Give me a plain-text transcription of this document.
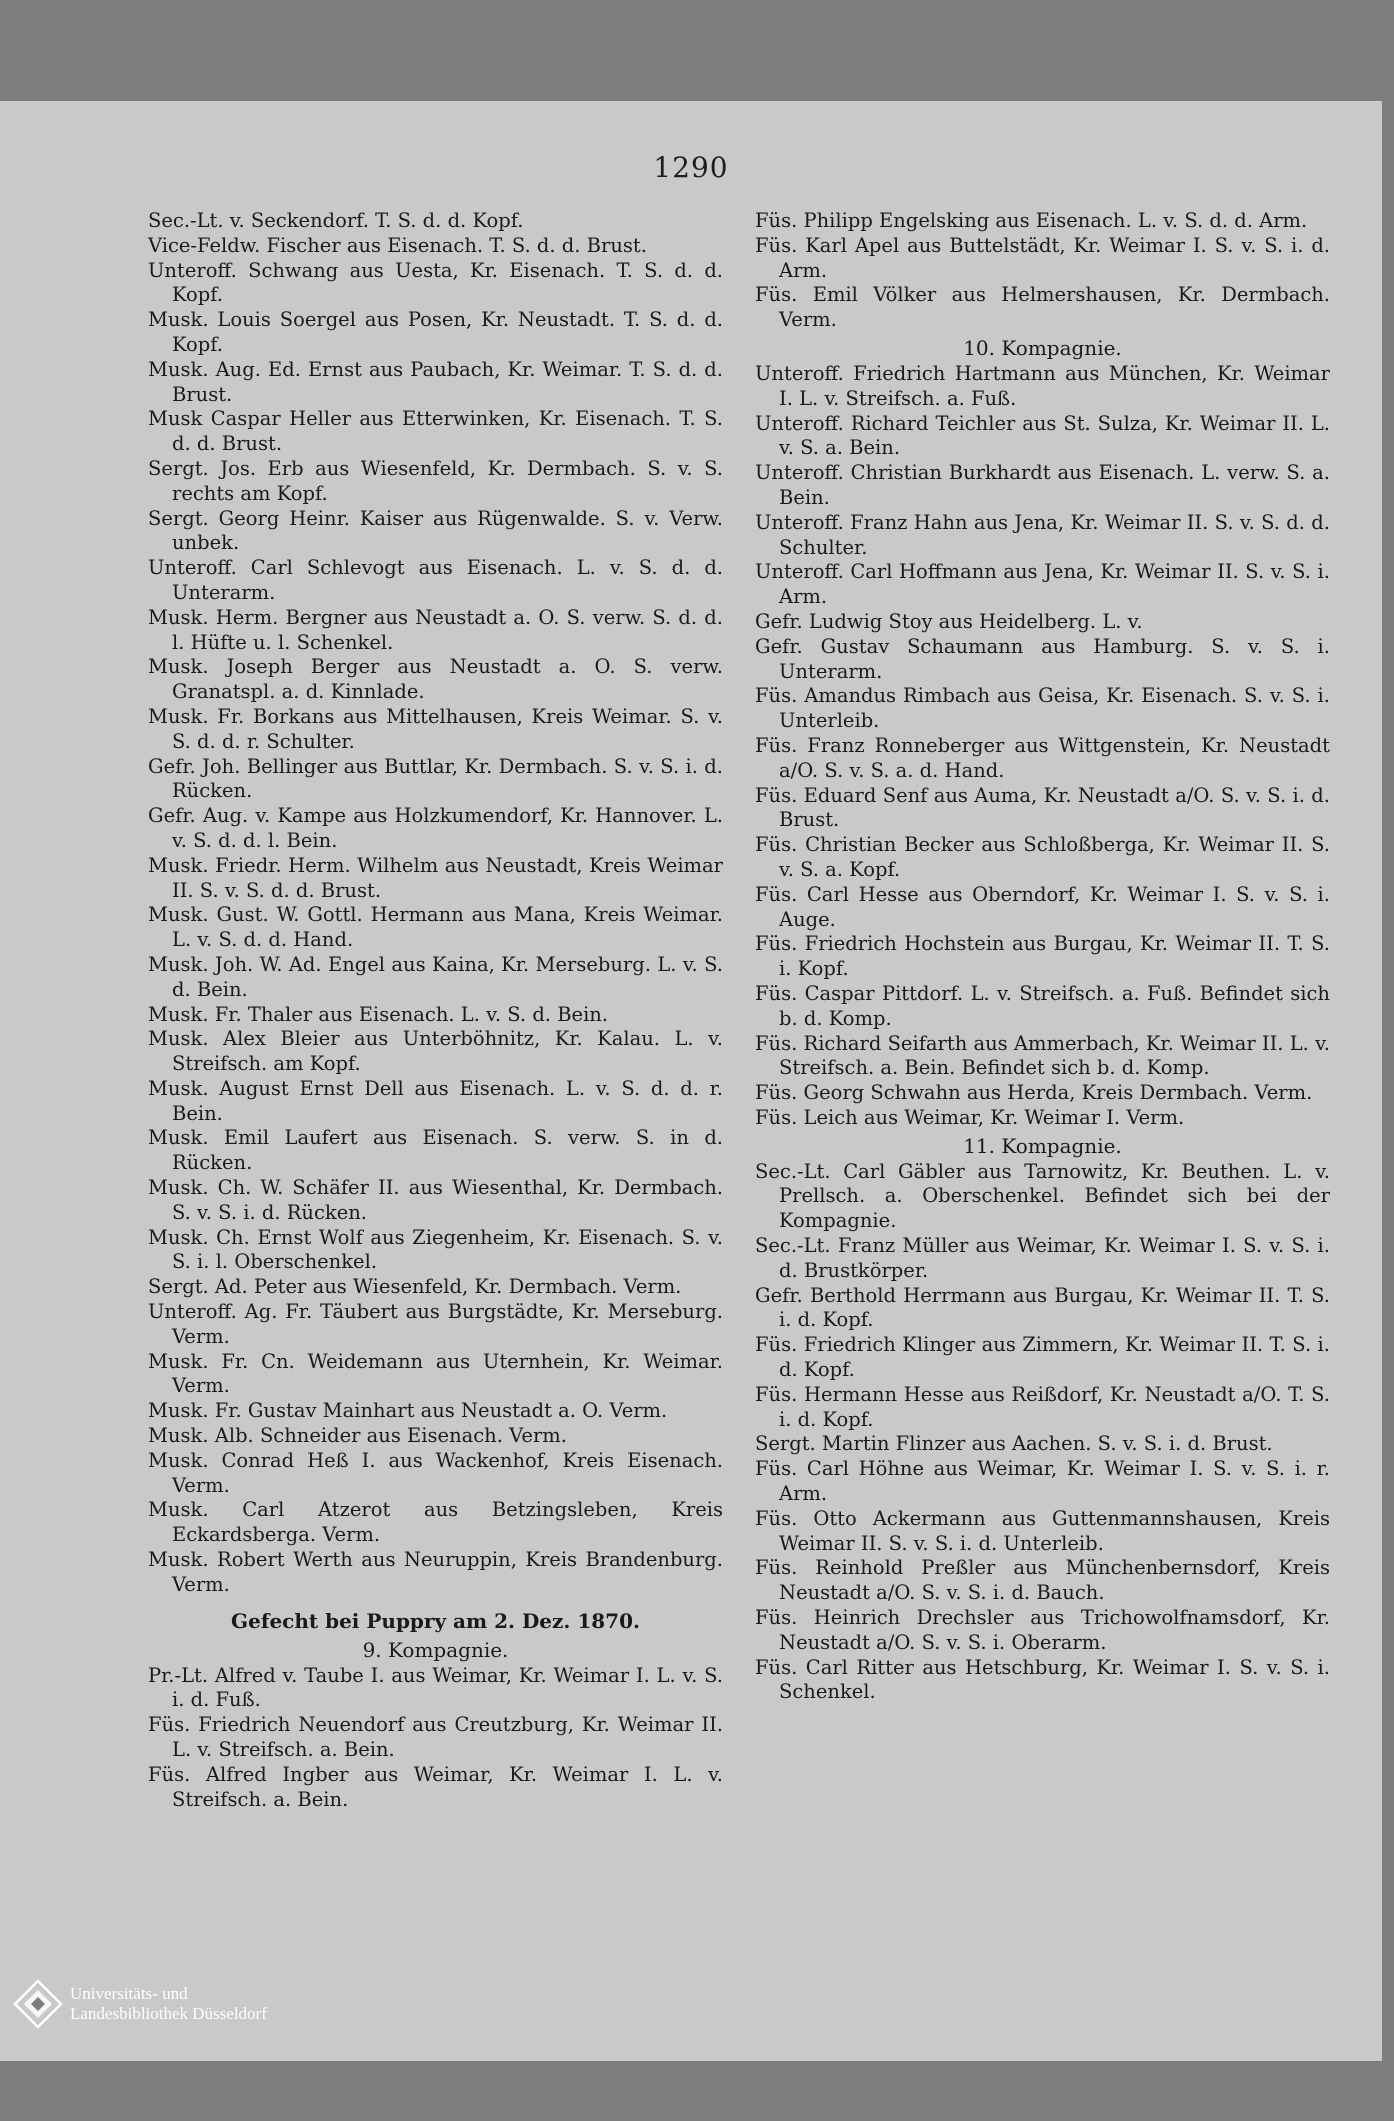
1290

Sec.-Lt. v. Seckendorf. T. S. d. d. Kopf.

Vice-Feldw. Fischer aus Eisenach. T. S. d. d. Brust.

Unteroff. Schwang aus Uesta, Kr. Eisenach. T. S. d. d. Kopf.

Musk. Louis Soergel aus Posen, Kr. Neustadt. T. S. d. d. Kopf.

Musk. Aug. Ed. Ernst aus Paubach, Kr. Weimar. T. S. d. d. Brust.

Musk Caspar Heller aus Etterwinken, Kr. Eisenach. T. S. d. d. Brust.

Sergt. Jos. Erb aus Wiesenfeld, Kr. Dermbach. S. v. S. rechts am Kopf.

Sergt. Georg Heinr. Kaiser aus Rügenwalde. S. v. Verw. unbek.

Unteroff. Carl Schlevogt aus Eisenach. L. v. S. d. d. Unterarm.

Musk. Herm. Bergner aus Neustadt a. O. S. verw. S. d. d. l. Hüfte u. l. Schenkel.

Musk. Joseph Berger aus Neustadt a. O. S. verw. Granatspl. a. d. Kinnlade.

Musk. Fr. Borkans aus Mittelhausen, Kreis Weimar. S. v. S. d. d. r. Schulter.

Gefr. Joh. Bellinger aus Buttlar, Kr. Dermbach. S. v. S. i. d. Rücken.

Gefr. Aug. v. Kampe aus Holzkumendorf, Kr. Hannover. L. v. S. d. d. l. Bein.

Musk. Friedr. Herm. Wilhelm aus Neustadt, Kreis Weimar II. S. v. S. d. d. Brust.

Musk. Gust. W. Gottl. Hermann aus Mana, Kreis Weimar. L. v. S. d. d. Hand.

Musk. Joh. W. Ad. Engel aus Kaina, Kr. Merseburg. L. v. S. d. Bein.

Musk. Fr. Thaler aus Eisenach. L. v. S. d. Bein.

Musk. Alex Bleier aus Unterböhnitz, Kr. Kalau. L. v. Streifsch. am Kopf.

Musk. August Ernst Dell aus Eisenach. L. v. S. d. d. r. Bein.

Musk. Emil Laufert aus Eisenach. S. verw. S. in d. Rücken.

Musk. Ch. W. Schäfer II. aus Wiesenthal, Kr. Dermbach. S. v. S. i. d. Rücken.

Musk. Ch. Ernst Wolf aus Ziegenheim, Kr. Eisenach. S. v. S. i. l. Oberschenkel.

Sergt. Ad. Peter aus Wiesenfeld, Kr. Dermbach. Verm.

Unteroff. Ag. Fr. Täubert aus Burgstädte, Kr. Merseburg. Verm.

Musk. Fr. Cn. Weidemann aus Uternhein, Kr. Weimar. Verm.

Musk. Fr. Gustav Mainhart aus Neustadt a. O. Verm.

Musk. Alb. Schneider aus Eisenach. Verm.

Musk. Conrad Heß I. aus Wackenhof, Kreis Eisenach. Verm.

Musk. Carl Atzerot aus Betzingsleben, Kreis Eckardsberga. Verm.

Musk. Robert Werth aus Neuruppin, Kreis Brandenburg. Verm.

Gefecht bei Puppry am 2. Dez. 1870.

9. Kompagnie.

Pr.-Lt. Alfred v. Taube I. aus Weimar, Kr. Weimar I. L. v. S. i. d. Fuß.

Füs. Friedrich Neuendorf aus Creutzburg, Kr. Weimar II. L. v. Streifsch. a. Bein.

Füs. Alfred Ingber aus Weimar, Kr. Weimar I. L. v. Streifsch. a. Bein.

Füs. Philipp Engelsking aus Eisenach. L. v. S. d. d. Arm.

Füs. Karl Apel aus Buttelstädt, Kr. Weimar I. S. v. S. i. d. Arm.

Füs. Emil Völker aus Helmershausen, Kr. Dermbach. Verm.

10. Kompagnie.

Unteroff. Friedrich Hartmann aus München, Kr. Weimar I. L. v. Streifsch. a. Fuß.

Unteroff. Richard Teichler aus St. Sulza, Kr. Weimar II. L. v. S. a. Bein.

Unteroff. Christian Burkhardt aus Eisenach. L. verw. S. a. Bein.

Unteroff. Franz Hahn aus Jena, Kr. Weimar II. S. v. S. d. d. Schulter.

Unteroff. Carl Hoffmann aus Jena, Kr. Weimar II. S. v. S. i. Arm.

Gefr. Ludwig Stoy aus Heidelberg. L. v.

Gefr. Gustav Schaumann aus Hamburg. S. v. S. i. Unterarm.

Füs. Amandus Rimbach aus Geisa, Kr. Eisenach. S. v. S. i. Unterleib.

Füs. Franz Ronneberger aus Wittgenstein, Kr. Neustadt a/O. S. v. S. a. d. Hand.

Füs. Eduard Senf aus Auma, Kr. Neustadt a/O. S. v. S. i. d. Brust.

Füs. Christian Becker aus Schloßberga, Kr. Weimar II. S. v. S. a. Kopf.

Füs. Carl Hesse aus Oberndorf, Kr. Weimar I. S. v. S. i. Auge.

Füs. Friedrich Hochstein aus Burgau, Kr. Weimar II. T. S. i. Kopf.

Füs. Caspar Pittdorf. L. v. Streifsch. a. Fuß. Befindet sich b. d. Komp.

Füs. Richard Seifarth aus Ammerbach, Kr. Weimar II. L. v. Streifsch. a. Bein. Befindet sich b. d. Komp.

Füs. Georg Schwahn aus Herda, Kreis Dermbach. Verm.

Füs. Leich aus Weimar, Kr. Weimar I. Verm.

11. Kompagnie.

Sec.-Lt. Carl Gäbler aus Tarnowitz, Kr. Beuthen. L. v. Prellsch. a. Oberschenkel. Befindet sich bei der Kompagnie.

Sec.-Lt. Franz Müller aus Weimar, Kr. Weimar I. S. v. S. i. d. Brustkörper.

Gefr. Berthold Herrmann aus Burgau, Kr. Weimar II. T. S. i. d. Kopf.

Füs. Friedrich Klinger aus Zimmern, Kr. Weimar II. T. S. i. d. Kopf.

Füs. Hermann Hesse aus Reißdorf, Kr. Neustadt a/O. T. S. i. d. Kopf.

Sergt. Martin Flinzer aus Aachen. S. v. S. i. d. Brust.

Füs. Carl Höhne aus Weimar, Kr. Weimar I. S. v. S. i. r. Arm.

Füs. Otto Ackermann aus Guttenmannshausen, Kreis Weimar II. S. v. S. i. d. Unterleib.

Füs. Reinhold Preßler aus Münchenbernsdorf, Kreis Neustadt a/O. S. v. S. i. d. Bauch.

Füs. Heinrich Drechsler aus Trichowolfnamsdorf, Kr. Neustadt a/O. S. v. S. i. Oberarm.

Füs. Carl Ritter aus Hetschburg, Kr. Weimar I. S. v. S. i. Schenkel.

Universitäts- und
Landesbibliothek Düsseldorf
